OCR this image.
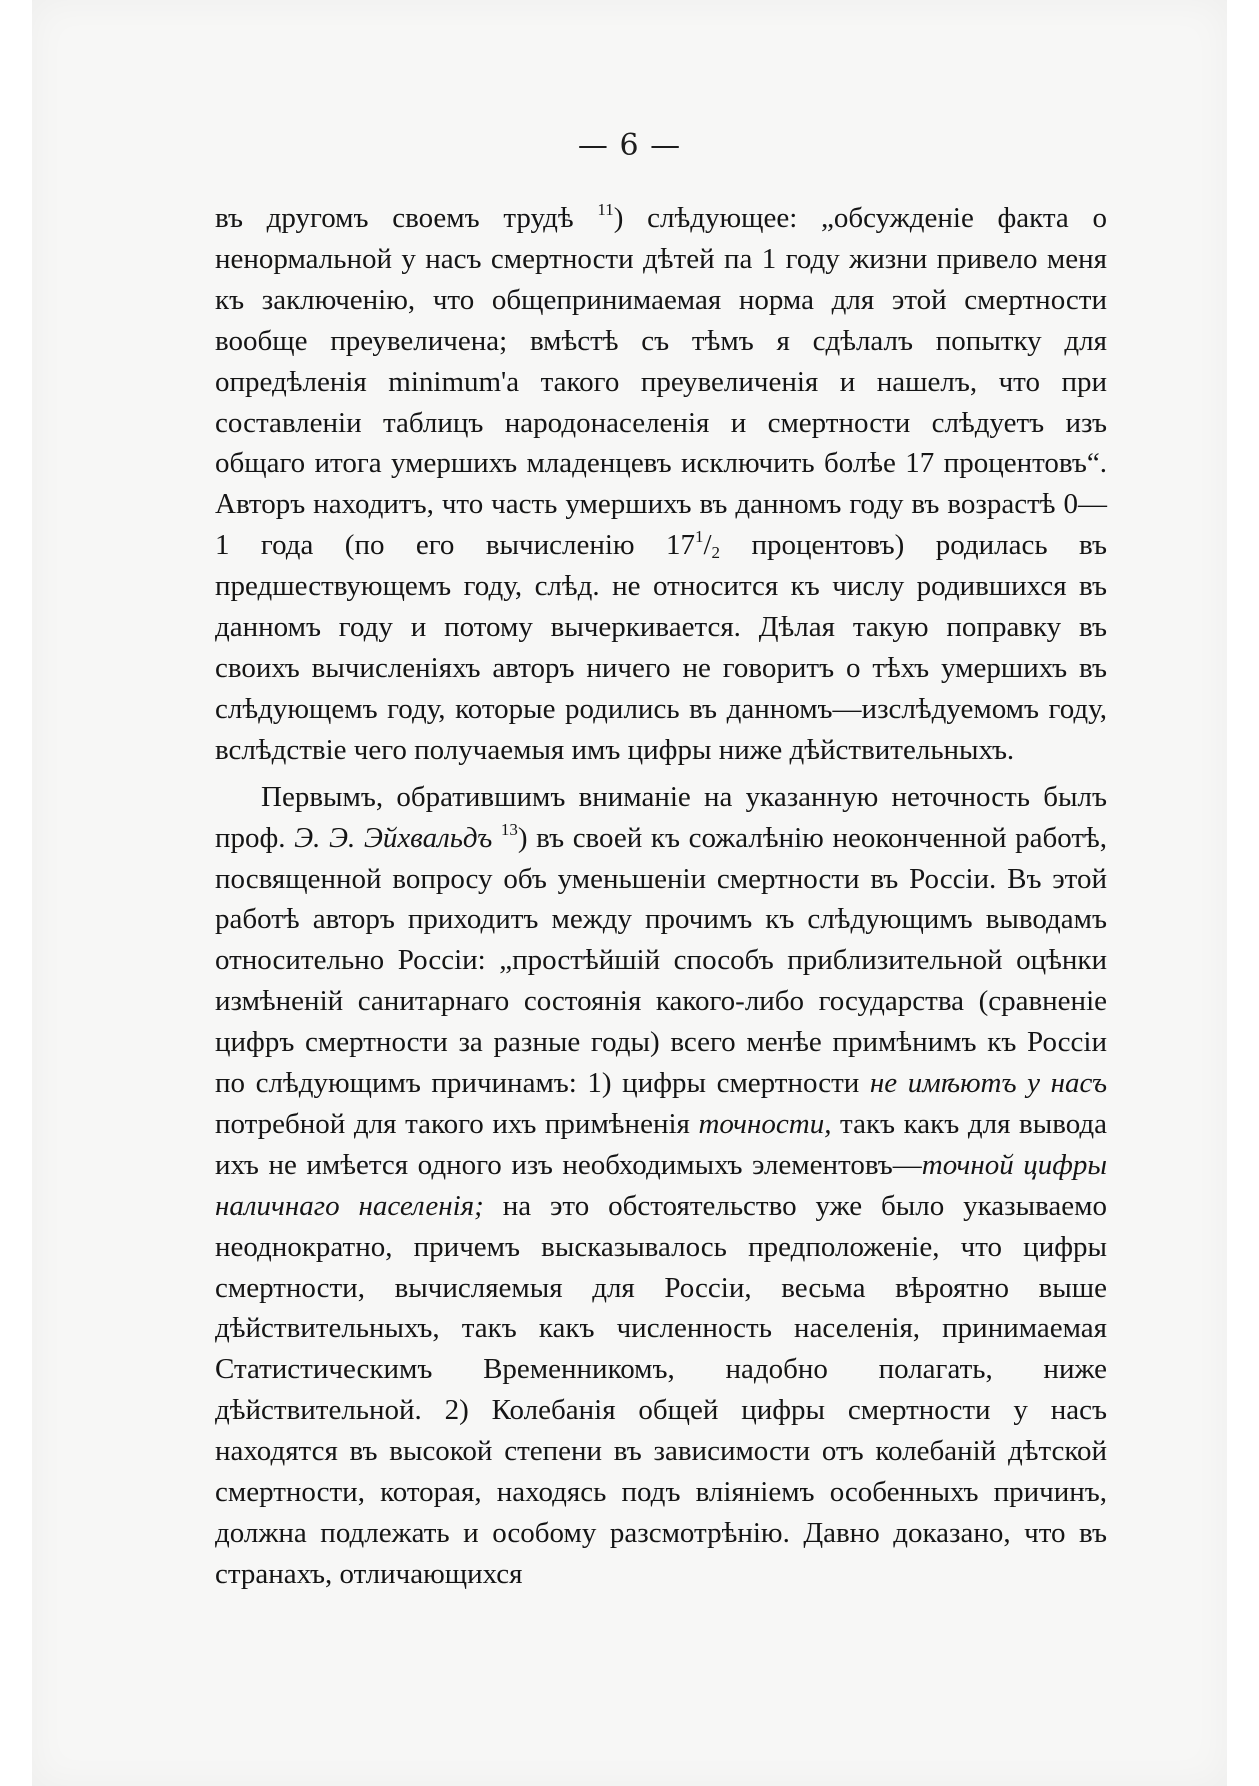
— 6 —

въ другомъ своемъ трудѣ $^{11}$) слѣдующее: „обсужденіе факта о ненормальной у насъ смертности дѣтей па 1 году жизни привело меня къ заключенію, что общепринимаемая норма для этой смертности вообще преувеличена; вмѣстѣ съ тѣмъ я сдѣлалъ попытку для опредѣленія minimum'а такого преувеличенія и нашелъ, что при составленіи таблицъ народонаселенія и смертности слѣдуетъ изъ общаго итога умершихъ младенцевъ исключить болѣе 17 процентовъ“. Авторъ находитъ, что часть умершихъ въ данномъ году въ возрастѣ 0—1 года (по его вычисленію $17^1/_2$ процентовъ) родилась въ предшествующемъ году, слѣд. не относится къ числу родившихся въ данномъ году и потому вычеркивается. Дѣлая такую поправку въ своихъ вычисленіяхъ авторъ ничего не говоритъ о тѣхъ умершихъ въ слѣдующемъ году, которые родились въ данномъ—изслѣдуемомъ году, вслѣдствіе чего получаемыя имъ цифры ниже дѣйствительныхъ.

Первымъ, обратившимъ вниманіе на указанную неточность былъ проф. Э. Э. Эйхвальдъ $^{13}$) въ своей къ сожалѣнію неоконченной работѣ, посвященной вопросу объ уменьшеніи смертности въ Россіи. Въ этой работѣ авторъ приходитъ между прочимъ къ слѣдующимъ выводамъ относительно Россіи: „простѣйшій способъ приблизительной оцѣнки измѣненій санитарнаго состоянія какого-либо государства (сравненіе цифръ смертности за разные годы) всего менѣе примѣнимъ къ Россіи по слѣдующимъ причинамъ: 1) цифры смертности не имѣютъ у насъ потребной для такого ихъ примѣненія точности, такъ какъ для вывода ихъ не имѣется одного изъ необходимыхъ элементовъ—точной цифры наличнаго населенія; на это обстоятельство уже было указываемо неоднократно, причемъ высказывалось предположеніе, что цифры смертности, вычисляемыя для Россіи, весьма вѣроятно выше дѣйствительныхъ, такъ какъ численность населенія, принимаемая Статистическимъ Временникомъ, надобно полагать, ниже дѣйствительной. 2) Колебанія общей цифры смертности у насъ находятся въ высокой степени въ зависимости отъ колебаній дѣтской смертности, которая, находясь подъ вліяніемъ особенныхъ причинъ, должна подлежать и особому разсмотрѣнію. Давно доказано, что въ странахъ, отличающихся
